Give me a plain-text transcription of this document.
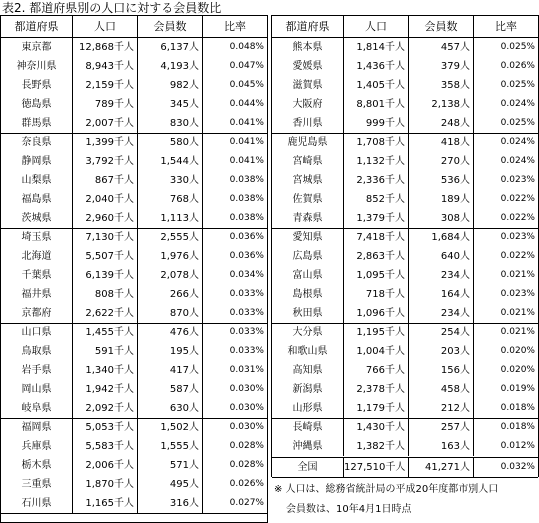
表2. 都道府県別の人口に対する会員数比
都道府県	人口	会員数	比率
東京都	12,868千人	6,137人	0.048%
神奈川県	8,943千人	4,193人	0.047%
長野県	2,159千人	982人	0.045%
徳島県	789千人	345人	0.044%
群馬県	2,007千人	830人	0.041%
奈良県	1,399千人	580人	0.041%
静岡県	3,792千人	1,544人	0.041%
山梨県	867千人	330人	0.038%
福島県	2,040千人	768人	0.038%
茨城県	2,960千人	1,113人	0.038%
埼玉県	7,130千人	2,555人	0.036%
北海道	5,507千人	1,976人	0.036%
千葉県	6,139千人	2,078人	0.034%
福井県	808千人	266人	0.033%
京都府	2,622千人	870人	0.033%
山口県	1,455千人	476人	0.033%
鳥取県	591千人	195人	0.033%
岩手県	1,340千人	417人	0.031%
岡山県	1,942千人	587人	0.030%
岐阜県	2,092千人	630人	0.030%
福岡県	5,053千人	1,502人	0.030%
兵庫県	5,583千人	1,555人	0.028%
栃木県	2,006千人	571人	0.028%
三重県	1,870千人	495人	0.026%
石川県	1,165千人	316人	0.027%
都道府県	人口	会員数	比率
熊本県	1,814千人	457人	0.025%
愛媛県	1,436千人	379人	0.026%
滋賀県	1,405千人	358人	0.025%
大阪府	8,801千人	2,138人	0.024%
香川県	999千人	248人	0.025%
鹿児島県	1,708千人	418人	0.024%
宮崎県	1,132千人	270人	0.024%
宮城県	2,336千人	536人	0.023%
佐賀県	852千人	189人	0.022%
青森県	1,379千人	308人	0.022%
愛知県	7,418千人	1,684人	0.023%
広島県	2,863千人	640人	0.022%
富山県	1,095千人	234人	0.021%
島根県	718千人	164人	0.023%
秋田県	1,096千人	234人	0.021%
大分県	1,195千人	254人	0.021%
和歌山県	1,004千人	203人	0.020%
高知県	766千人	156人	0.020%
新潟県	2,378千人	458人	0.019%
山形県	1,179千人	212人	0.018%
長崎県	1,430千人	257人	0.018%
沖縄県	1,382千人	163人	0.012%
全国	127,510千人	41,271人	0.032%
※ 人口は、総務省統計局の平成20年度都市別人口
会員数は、10年4月1日時点
